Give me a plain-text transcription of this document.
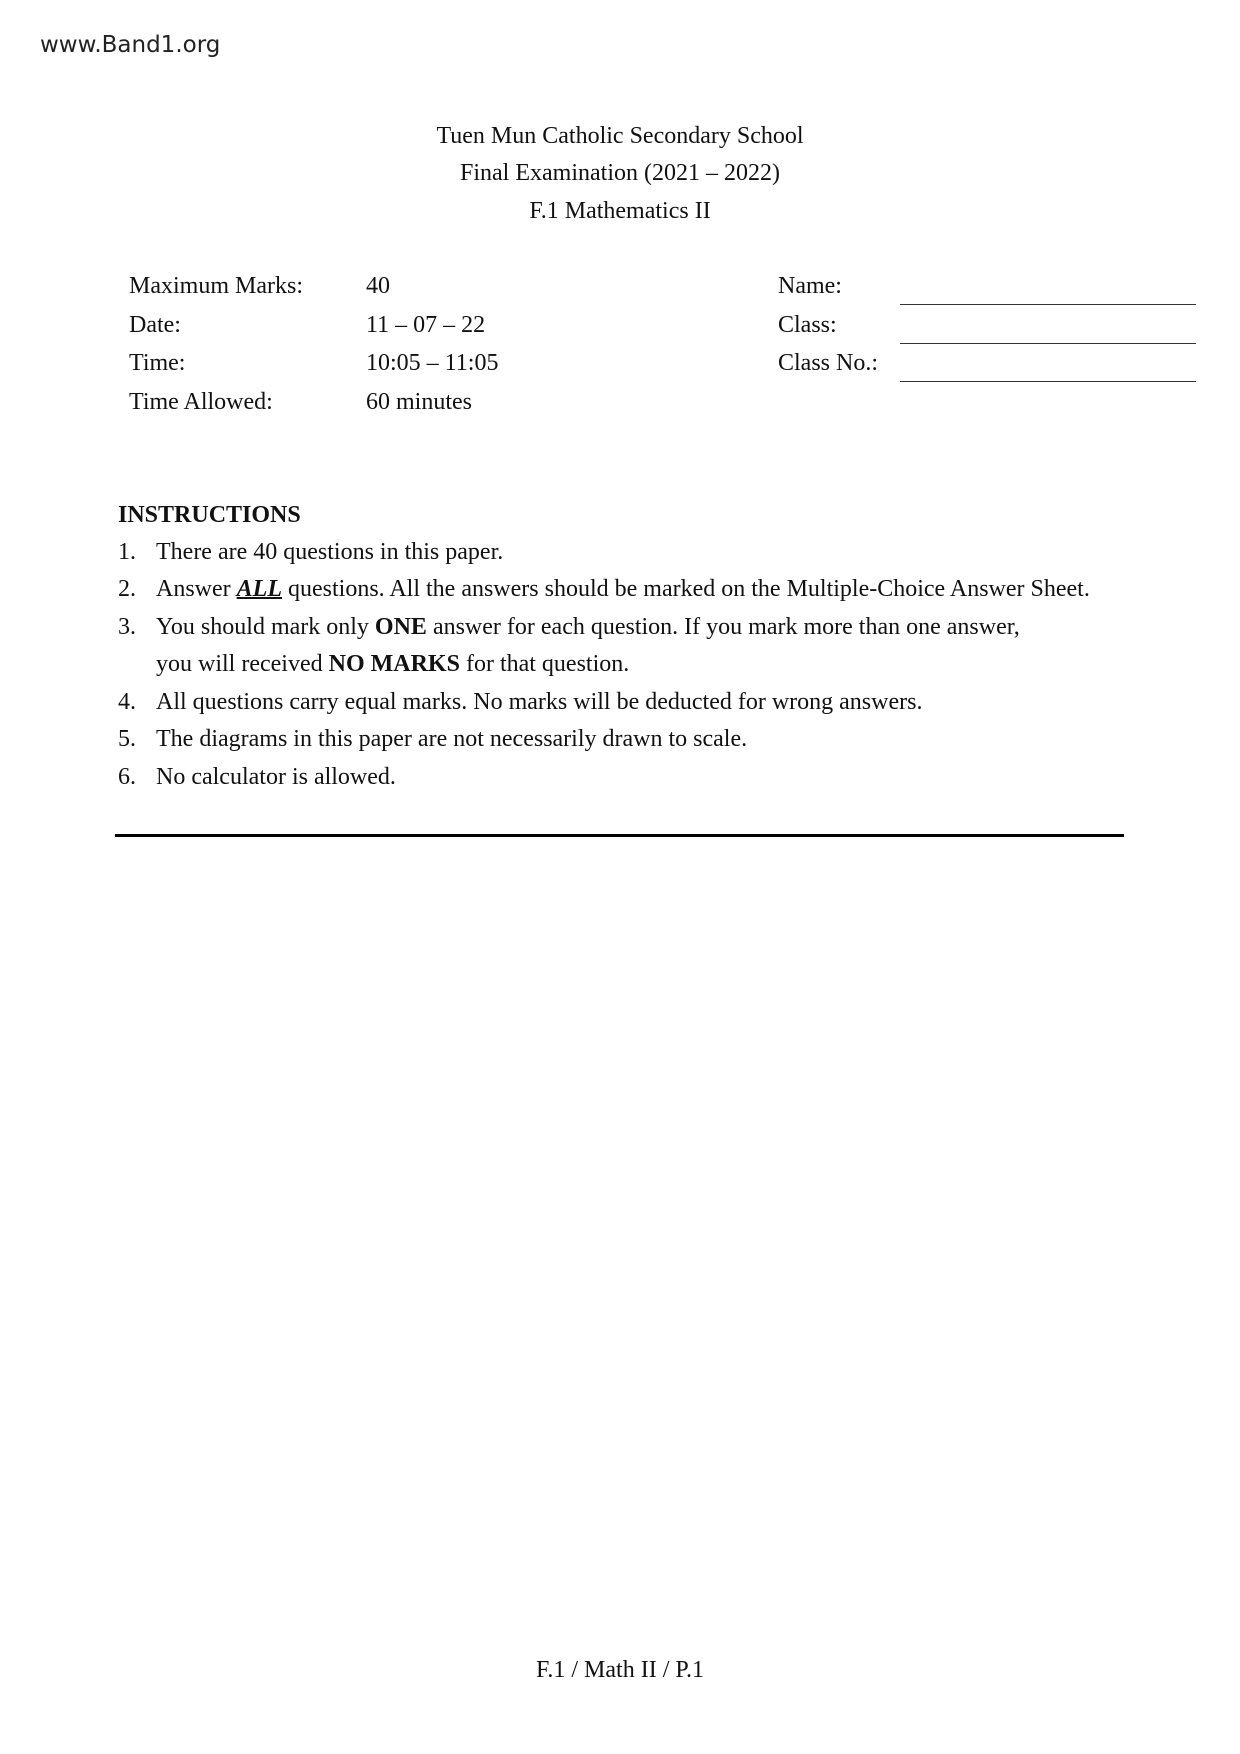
www.Band1.org
Tuen Mun Catholic Secondary School
Final Examination (2021 – 2022)
F.1 Mathematics II
Maximum Marks:	40
Date:	11 – 07 – 22
Time:	10:05 – 11:05
Time Allowed:	60 minutes
Name:
Class:
Class No.:
INSTRUCTIONS
1. There are 40 questions in this paper.
2. Answer ALL questions. All the answers should be marked on the Multiple-Choice Answer Sheet.
3. You should mark only ONE answer for each question. If you mark more than one answer,
you will received NO MARKS for that question.
4. All questions carry equal marks. No marks will be deducted for wrong answers.
5. The diagrams in this paper are not necessarily drawn to scale.
6. No calculator is allowed.
F.1 / Math II / P.1
